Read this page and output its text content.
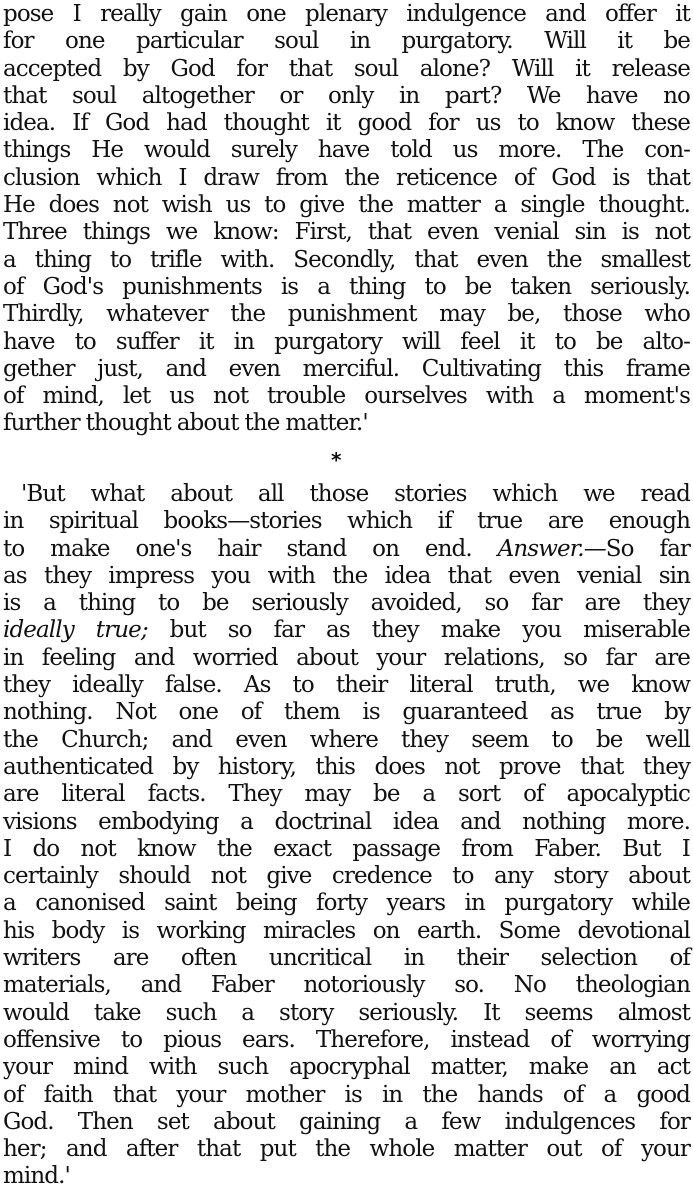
pose I really gain one plenary indulgence and offer it
for one particular soul in purgatory. Will it be
accepted by God for that soul alone? Will it release
that soul altogether or only in part? We have no
idea. If God had thought it good for us to know these
things He would surely have told us more. The con-
clusion which I draw from the reticence of God is that
He does not wish us to give the matter a single thought.
Three things we know: First, that even venial sin is not
a thing to trifle with. Secondly, that even the smallest
of God's punishments is a thing to be taken seriously.
Thirdly, whatever the punishment may be, those who
have to suffer it in purgatory will feel it to be alto-
gether just, and even merciful. Cultivating this frame
of mind, let us not trouble ourselves with a moment's
further thought about the matter.'
*
'But what about all those stories which we read
in spiritual books—stories which if true are enough
to make one's hair stand on end. Answer.—So far
as they impress you with the idea that even venial sin
is a thing to be seriously avoided, so far are they
ideally true; but so far as they make you miserable
in feeling and worried about your relations, so far are
they ideally false. As to their literal truth, we know
nothing. Not one of them is guaranteed as true by
the Church; and even where they seem to be well
authenticated by history, this does not prove that they
are literal facts. They may be a sort of apocalyptic
visions embodying a doctrinal idea and nothing more.
I do not know the exact passage from Faber. But I
certainly should not give credence to any story about
a canonised saint being forty years in purgatory while
his body is working miracles on earth. Some devotional
writers are often uncritical in their selection of
materials, and Faber notoriously so. No theologian
would take such a story seriously. It seems almost
offensive to pious ears. Therefore, instead of worrying
your mind with such apocryphal matter, make an act
of faith that your mother is in the hands of a good
God. Then set about gaining a few indulgences for
her; and after that put the whole matter out of your
mind.'
